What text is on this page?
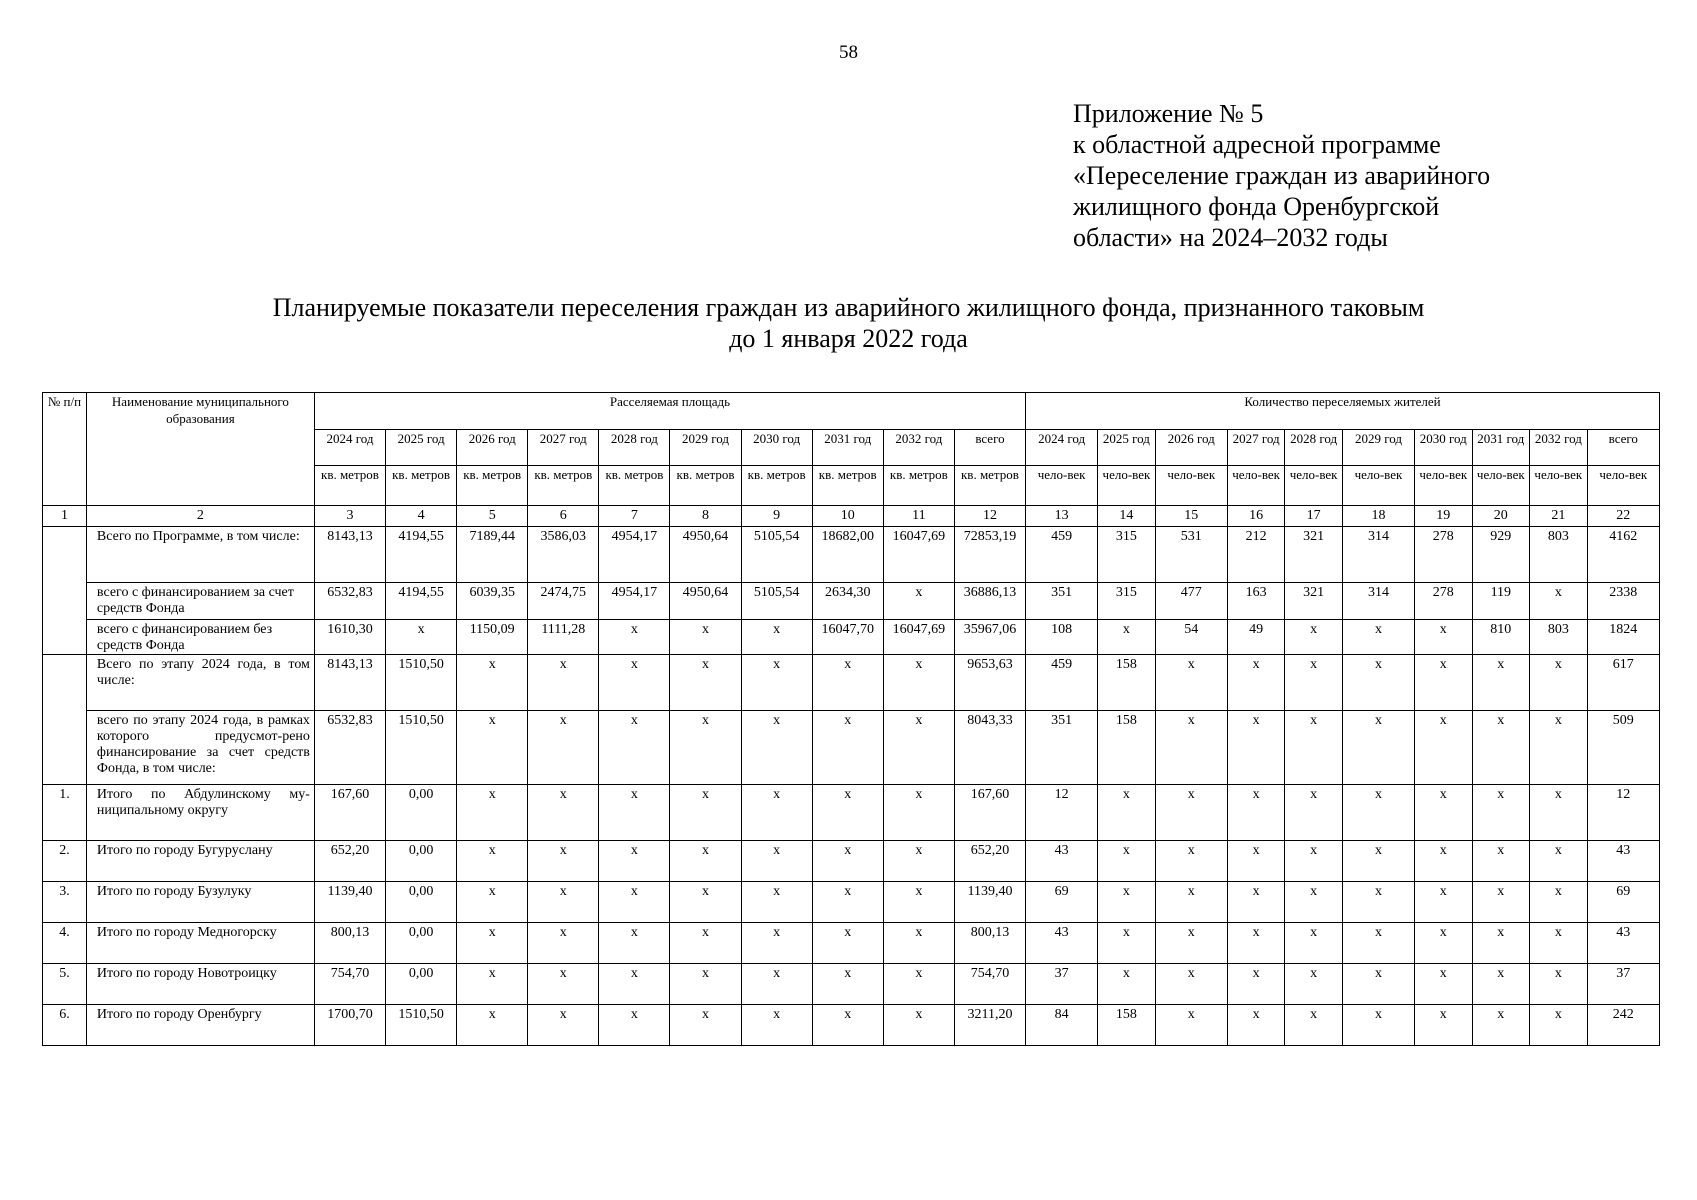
58
Приложение № 5
к областной адресной программе
«Переселение граждан из аварийного
жилищного фонда Оренбургской
области» на 2024–2032 годы
Планируемые показатели переселения граждан из аварийного жилищного фонда, признанного таковым
до 1 января 2022 года
№ п/п	Наименование муниципального образования	Расселяемая площадь										Количество переселяемых жителей									
		2024 год	2025 год	2026 год	2027 год	2028 год	2029 год	2030 год	2031 год	2032 год	всего	2024 год	2025 год	2026 год	2027 год	2028 год	2029 год	2030 год	2031 год	2032 год	всего
		кв. метров	кв. метров	кв. метров	кв. метров	кв. метров	кв. метров	кв. метров	кв. метров	кв. метров	кв. метров	чело-век	чело-век	чело-век	чело-век	чело-век	чело-век	чело-век	чело-век	чело-век	чело-век
1	2	3	4	5	6	7	8	9	10	11	12	13	14	15	16	17	18	19	20	21	22
	Всего по Программе, в том числе:	8143,13	4194,55	7189,44	3586,03	4954,17	4950,64	5105,54	18682,00	16047,69	72853,19	459	315	531	212	321	314	278	929	803	4162
	всего с финансированием за счет средств Фонда	6532,83	4194,55	6039,35	2474,75	4954,17	4950,64	5105,54	2634,30	х	36886,13	351	315	477	163	321	314	278	119	х	2338
	всего с финансированием без средств Фонда	1610,30	х	1150,09	1111,28	х	х	х	16047,70	16047,69	35967,06	108	х	54	49	х	х	х	810	803	1824
	Всего по этапу 2024 года, в том числе:	8143,13	1510,50	х	х	х	х	х	х	х	9653,63	459	158	х	х	х	х	х	х	х	617
	всего по этапу 2024 года, в рамках которого предусмот-рено финансирование за счет средств Фонда, в том числе:	6532,83	1510,50	х	х	х	х	х	х	х	8043,33	351	158	х	х	х	х	х	х	х	509
1.	Итого по Абдулинскому му-ниципальному округу	167,60	0,00	х	х	х	х	х	х	х	167,60	12	х	х	х	х	х	х	х	х	12
2.	Итого по городу Бугуруслану	652,20	0,00	х	х	х	х	х	х	х	652,20	43	х	х	х	х	х	х	х	х	43
3.	Итого по городу Бузулуку	1139,40	0,00	х	х	х	х	х	х	х	1139,40	69	х	х	х	х	х	х	х	х	69
4.	Итого по городу Медногорску	800,13	0,00	х	х	х	х	х	х	х	800,13	43	х	х	х	х	х	х	х	х	43
5.	Итого по городу Новотроицку	754,70	0,00	х	х	х	х	х	х	х	754,70	37	х	х	х	х	х	х	х	х	37
6.	Итого по городу Оренбургу	1700,70	1510,50	х	х	х	х	х	х	х	3211,20	84	158	х	х	х	х	х	х	х	242
